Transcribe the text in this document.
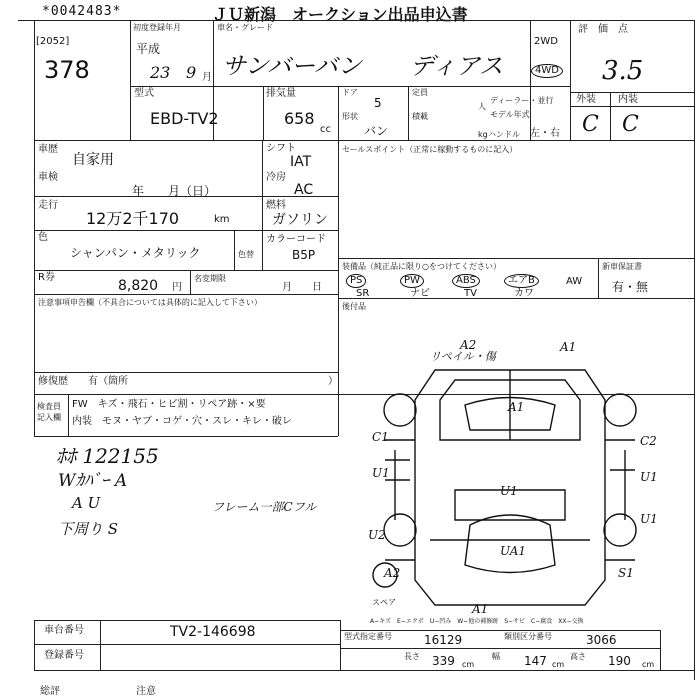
*0042483*	ＪＵ新潟　オークション出品申込書
[2052]
378
初度登録年月
平成
23 9 月
車名・グレード
サンバーバン　　ディアス
2WD
4WD
評　価　点
3.5
型式
EBD-TV2
排気量
658
cc
ドア
5
形状
バン
定員
人
積載
kg
ディーラー・並行
モデル年式
ハンドル 左・右
外装 内装
C C
車歴
自家用
車検
年　　月（日）
走行
12万2千170	km
色
シャンパン・メタリック	色替
シフト
IAT
冷房
AC
燃料
ガソリン
カラーコード
B5P
R券
8,820 円
名変期限
月　　日
注意事項申告欄（不具合については具体的に記入して下さい）
修復歴 有（箇所	）
セールスポイント（正常に稼動するものに記入）
装備品（純正品に限り○をつけてください）	新車保証書
有・無
PS	PW	ABS	エアB	AW
SR	ナビ	TV	カワ
後付品
検査員
記入欄
FW　キズ・飛石・ヒビ割・リペア跡・×要
内装　モヌ・ヤブ・コゲ・穴・スレ・キレ・破レ
ﾎﾎ 122155
Wｶﾊﾞｰ A
A U
下周り S
フレーム一部Cフル
リペイル・傷
A1
A2
A1
C1	C2
U1
U1
U1
U2
U1
S1
UA1
A2
A1
スペア
A−キズ　E−エクボ　U−凹み　W−他の補修跡　S−サビ　C−腐食　XX−交換
車台番号	TV2-146698
登録番号
型式指定番号	16129	類別区分番号	3066
長さ 339 cm
幅 147 cm
高さ 190 cm
総評	注意
